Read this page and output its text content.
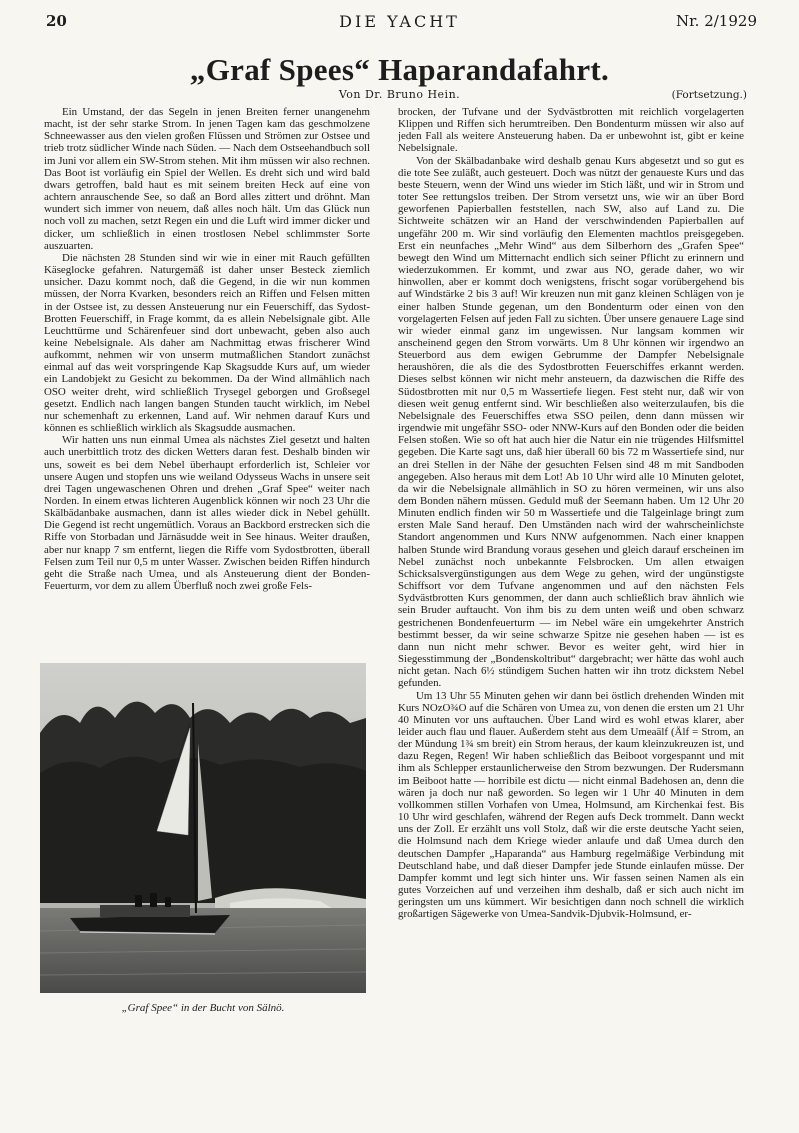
20	DIE YACHT	Nr. 2/1929
„Graf Spees“ Haparandafahrt.
Von Dr. Bruno Hein.	(Fortsetzung.)

Ein Umstand, der das Segeln in jenen Breiten ferner unangenehm macht, ist der sehr starke Strom. In jenen Tagen kam das geschmolzene Schneewasser aus den vielen großen Flüssen und Strömen zur Ostsee und trieb trotz südlicher Winde nach Süden. — Nach dem Ostseehandbuch soll im Juni vor allem ein SW-Strom stehen. Mit ihm müssen wir also rechnen. Das Boot ist vorläufig ein Spiel der Wellen. Es dreht sich und wird bald dwars getroffen, bald haut es mit seinem breiten Heck auf eine von achtern anrauschende See, so daß an Bord alles zittert und dröhnt. Man wundert sich immer von neuem, daß alles noch hält. Um das Glück nun noch voll zu machen, setzt Regen ein und die Luft wird immer dicker und dicker, um schließlich in einen trostlosen Nebel schlimmster Sorte auszuarten.

Die nächsten 28 Stunden sind wir wie in einer mit Rauch gefüllten Käseglocke gefahren. Naturgemäß ist daher unser Besteck ziemlich unsicher. Dazu kommt noch, daß die Gegend, in die wir nun kommen müssen, der Norra Kvarken, besonders reich an Riffen und Felsen mitten in der Ostsee ist, zu dessen Ansteuerung nur ein Feuerschiff, das Sydost-Brotten Feuerschiff, in Frage kommt, da es allein Nebelsignale gibt. Alle Leuchttürme und Schärenfeuer sind dort unbewacht, geben also auch keine Nebelsignale. Als daher am Nachmittag etwas frischerer Wind aufkommt, nehmen wir von unserm mutmaßlichen Standort zunächst einmal auf das weit vorspringende Kap Skagsudde Kurs auf, um wieder ein Landobjekt zu Gesicht zu bekommen. Da der Wind allmählich nach OSO weiter dreht, wird schließlich Trysegel geborgen und Großsegel gesetzt. Endlich nach langen bangen Stunden taucht wirklich, im Nebel nur schemenhaft zu erkennen, Land auf. Wir nehmen darauf Kurs und können es schließlich wirklich als Skagsudde ausmachen.

Wir hatten uns nun einmal Umea als nächstes Ziel gesetzt und halten auch unerbittlich trotz des dicken Wetters daran fest. Deshalb binden wir uns, soweit es bei dem Nebel überhaupt erforderlich ist, Schleier vor unsere Augen und stopfen uns wie weiland Odysseus Wachs in unsere seit drei Tagen ungewaschenen Ohren und drehen „Graf Spee“ weiter nach Norden. In einem etwas lichteren Augenblick können wir noch 23 Uhr die Skälbädanbake ausmachen, dann ist alles wieder dick in Nebel gehüllt. Die Gegend ist recht ungemütlich. Voraus an Backbord erstrecken sich die Riffe von Storbadan und Järnäsudde weit in See hinaus. Weiter draußen, aber nur knapp 7 sm entfernt, liegen die Riffe vom Sydostbrotten, überall Felsen zum Teil nur 0,5 m unter Wasser. Zwischen beiden Riffen hindurch geht die Straße nach Umea, und als Ansteuerung dient der Bonden-Feuerturm, vor dem zu allem Überfluß noch zwei große Fels-

„Graf Spee“ in der Bucht von Sälnö.

brocken, der Tufvane und der Sydvästbrotten mit reichlich vorgelagerten Klippen und Riffen sich herumtreiben. Den Bondenturm müssen wir also auf jeden Fall als weitere Ansteuerung haben. Da er unbewohnt ist, gibt er keine Nebelsignale.

Von der Skälbadanbake wird deshalb genau Kurs abgesetzt und so gut es die tote See zuläßt, auch gesteuert. Doch was nützt der genaueste Kurs und das beste Steuern, wenn der Wind uns wieder im Stich läßt, und wir in Strom und toter See rettungslos treiben. Der Strom versetzt uns, wie wir an über Bord geworfenen Papierballen feststellen, nach SW, also auf Land zu. Die Sichtweite schätzen wir an Hand der verschwindenden Papierballen auf ungefähr 200 m. Wir sind vorläufig den Elementen machtlos preisgegeben. Erst ein neunfaches „Mehr Wind“ aus dem Silberhorn des „Grafen Spee“ bewegt den Wind um Mitternacht endlich sich seiner Pflicht zu erinnern und wiederzukommen. Er kommt, und zwar aus NO, gerade daher, wo wir hinwollen, aber er kommt doch wenigstens, frischt sogar vorübergehend bis auf Windstärke 2 bis 3 auf! Wir kreuzen nun mit ganz kleinen Schlägen von je einer halben Stunde gegenan, um den Bondenturm oder einen von den vorgelagerten Felsen auf jeden Fall zu sichten. Über unsere genauere Lage sind wir wieder einmal ganz im ungewissen. Nur langsam kommen wir anscheinend gegen den Strom vorwärts. Um 8 Uhr können wir irgendwo an Steuerbord aus dem ewigen Gebrumme der Dampfer Nebelsignale heraushören, die als die des Sydostbrotten Feuerschiffes erkannt werden. Dieses selbst können wir nicht mehr ansteuern, da dazwischen die Riffe des Südostbrotten mit nur 0,5 m Wassertiefe liegen. Fest steht nur, daß wir von diesen weit genug entfernt sind. Wir beschließen also weiterzulaufen, bis die Nebelsignale des Feuerschiffes etwa SSO peilen, denn dann müssen wir irgendwie mit ungefähr SSO- oder NNW-Kurs auf den Bonden oder die beiden Felsen stoßen. Wie so oft hat auch hier die Natur ein nie trügendes Hilfsmittel gegeben. Die Karte sagt uns, daß hier überall 60 bis 72 m Wassertiefe sind, nur an drei Stellen in der Nähe der gesuchten Felsen sind 48 m mit Sandboden angegeben. Also heraus mit dem Lot! Ab 10 Uhr wird alle 10 Minuten gelotet, da wir die Nebelsignale allmählich in SO zu hören vermeinen, wir uns also dem Bonden nähern müssen. Geduld muß der Seemann haben. Um 12 Uhr 20 Minuten endlich finden wir 50 m Wassertiefe und die Talgeinlage bringt zum ersten Male Sand herauf. Den Umständen nach wird der wahrscheinlichste Standort angenommen und Kurs NNW aufgenommen. Nach einer knappen halben Stunde wird Brandung voraus gesehen und gleich darauf erscheinen im Nebel zunächst noch unbekannte Felsbrocken. Um allen etwaigen Schicksalsvergünstigungen aus dem Wege zu gehen, wird der ungünstigste Schiffsort vor dem Tufvane angenommen und auf den nächsten Fels Sydvästbrotten Kurs genommen, der dann auch schließlich brav ähnlich wie sein Bruder auftaucht. Von ihm bis zu dem unten weiß und oben schwarz gestrichenen Bondenfeuerturm — im Nebel wäre ein umgekehrter Anstrich bestimmt besser, da wir seine schwarze Spitze nie gesehen haben — ist es dann nun nicht mehr schwer. Bevor es weiter geht, wird hier in Siegesstimmung der „Bondenskoltribut“ dargebracht; wer hätte das wohl auch nicht getan. Nach 6½ stündigem Suchen hatten wir ihn trotz dickstem Nebel gefunden.

Um 13 Uhr 55 Minuten gehen wir dann bei östlich drehenden Winden mit Kurs NOzO¾O auf die Schären von Umea zu, von denen die ersten um 21 Uhr 40 Minuten vor uns auftauchen. Über Land wird es wohl etwas klarer, aber leider auch flau und flauer. Außerdem steht aus dem Umeaälf (Älf = Strom, an der Mündung 1¾ sm breit) ein Strom heraus, der kaum kleinzukreuzen ist, und dazu Regen, Regen! Wir haben schließlich das Beiboot vorgespannt und mit ihm als Schlepper erstaunlicherweise den Strom bezwungen. Der Rudersmann im Beiboot hatte — horribile est dictu — nicht einmal Badehosen an, denn die wären ja doch nur naß geworden. So legen wir 1 Uhr 40 Minuten in dem vollkommen stillen Vorhafen von Umea, Holmsund, am Kirchenkai fest. Bis 10 Uhr wird geschlafen, während der Regen aufs Deck trommelt. Dann weckt uns der Zoll. Er erzählt uns voll Stolz, daß wir die erste deutsche Yacht seien, die Holmsund nach dem Kriege wieder anlaufe und daß Umea durch den deutschen Dampfer „Haparanda“ aus Hamburg regelmäßige Verbindung mit Deutschland habe, und daß dieser Dampfer jede Stunde einlaufen müsse. Der Dampfer kommt und legt sich hinter uns. Wir fassen seinen Namen als ein gutes Vorzeichen auf und verzeihen ihm deshalb, daß er sich auch nicht im geringsten um uns kümmert. Wir besichtigen dann noch schnell die wirklich großartigen Sägewerke von Umea-Sandvik-Djubvik-Holmsund, er-
